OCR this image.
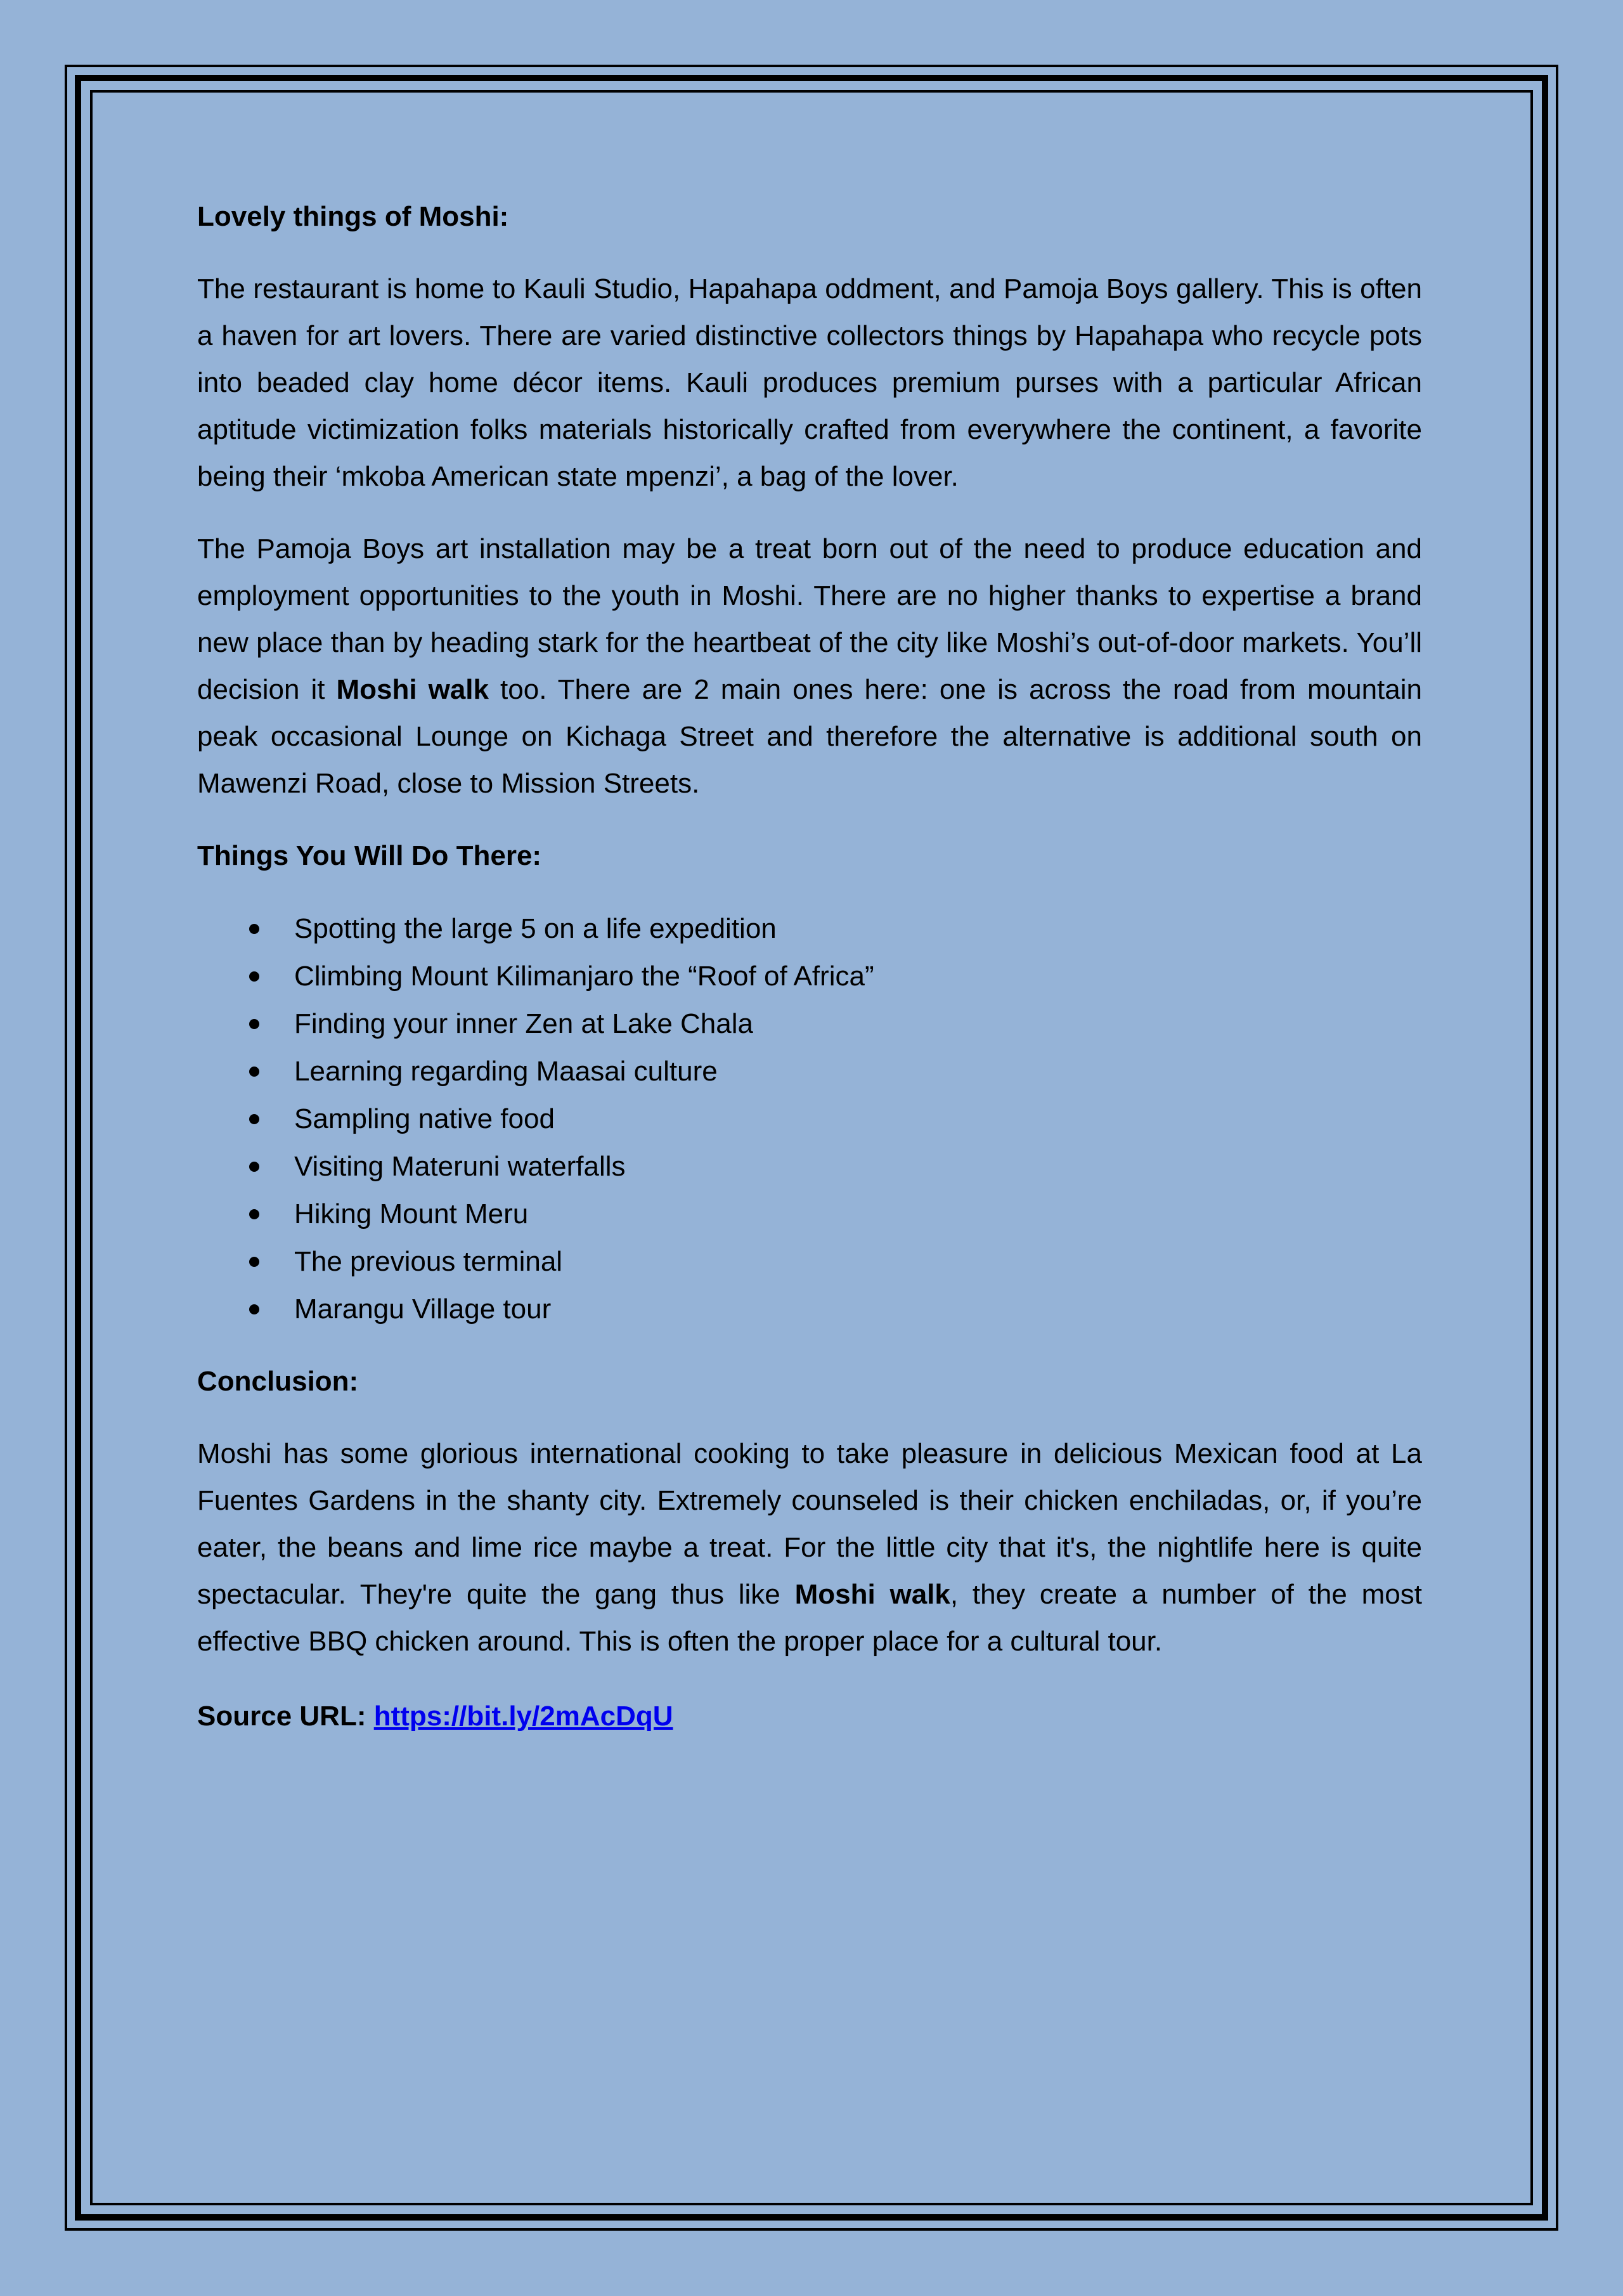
Lovely things of Moshi:

The restaurant is home to Kauli Studio, Hapahapa oddment, and Pamoja Boys gallery. This is often a haven for art lovers. There are varied distinctive collectors things by Hapahapa who recycle pots into beaded clay home décor items. Kauli produces premium purses with a particular African aptitude victimization folks materials historically crafted from everywhere the continent, a favorite being their ‘mkoba American state mpenzi’, a bag of the lover.

The Pamoja Boys art installation may be a treat born out of the need to produce education and employment opportunities to the youth in Moshi. There are no higher thanks to expertise a brand new place than by heading stark for the heartbeat of the city like Moshi’s out-of-door markets. You’ll decision it Moshi walk too. There are 2 main ones here: one is across the road from mountain peak occasional Lounge on Kichaga Street and therefore the alternative is additional south on Mawenzi Road, close to Mission Streets.

Things You Will Do There:

Spotting the large 5 on a life expedition
Climbing Mount Kilimanjaro the “Roof of Africa”
Finding your inner Zen at Lake Chala
Learning regarding Maasai culture
Sampling native food
Visiting Materuni waterfalls
Hiking Mount Meru
The previous terminal
Marangu Village tour

Conclusion:

Moshi has some glorious international cooking to take pleasure in delicious Mexican food at La Fuentes Gardens in the shanty city. Extremely counseled is their chicken enchiladas, or, if you’re eater, the beans and lime rice maybe a treat. For the little city that it's, the nightlife here is quite spectacular. They're quite the gang thus like Moshi walk, they create a number of the most effective BBQ chicken around. This is often the proper place for a cultural tour.

Source URL: https://bit.ly/2mAcDqU
